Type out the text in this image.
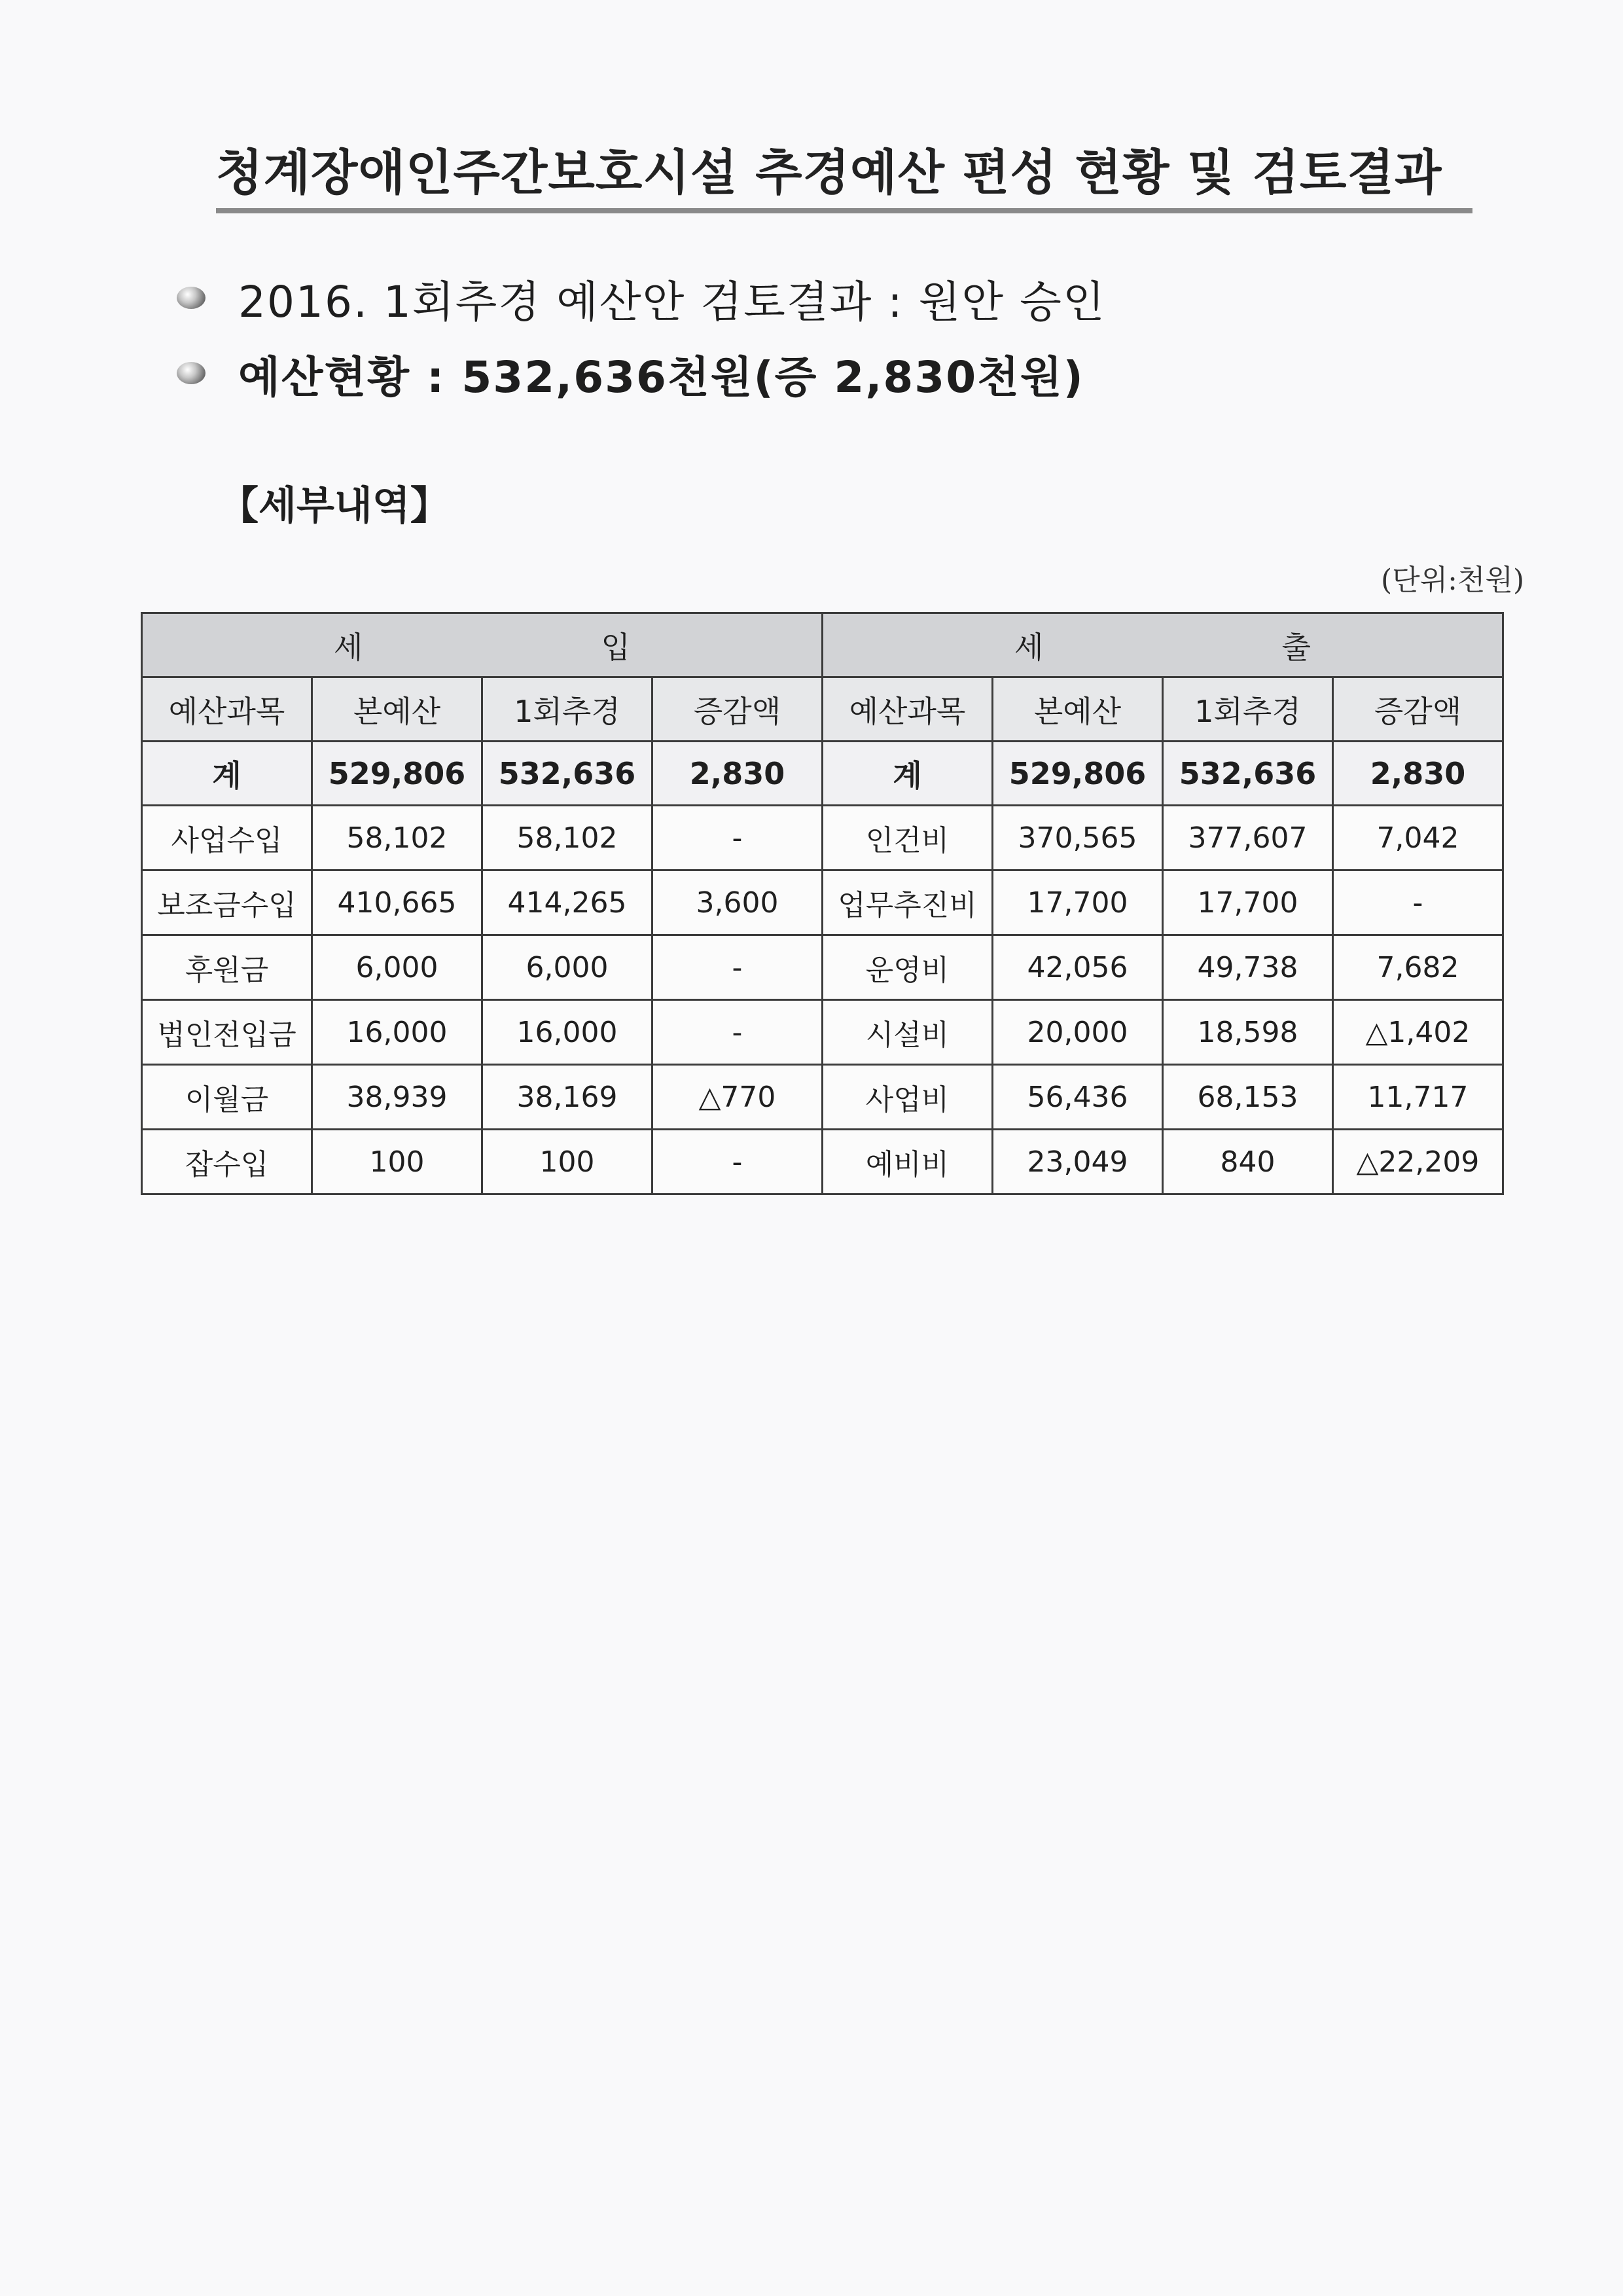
청계장애인주간보호시설 추경예산 편성 현황 및 검토결과
2016. 1회추경 예산안 검토결과 : 원안 승인
예산현황 : 532,636천원(증 2,830천원)
【세부내역】
(단위:천원)
세 입				세 출			

예산과목	본예산	1회추경	증감액	예산과목	본예산	1회추경	증감액
계	529,806	532,636	2,830	계	529,806	532,636	2,830
사업수입	58,102	58,102	-	인건비	370,565	377,607	7,042
보조금수입	410,665	414,265	3,600	업무추진비	17,700	17,700	-
후원금	6,000	6,000	-	운영비	42,056	49,738	7,682
법인전입금	16,000	16,000	-	시설비	20,000	18,598	△1,402
이월금	38,939	38,169	△770	사업비	56,436	68,153	11,717
잡수입	100	100	-	예비비	23,049	840	△22,209
